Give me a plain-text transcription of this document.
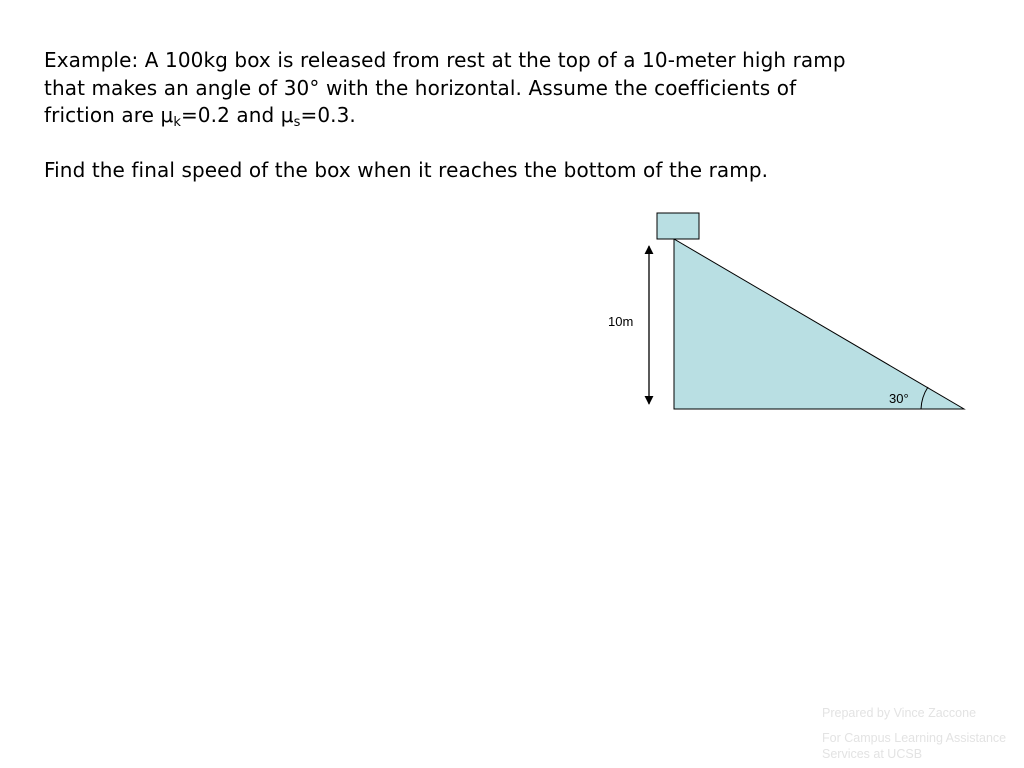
Example: A 100kg box is released from rest at the top of a 10-meter high ramp
that makes an angle of 30° with the horizontal. Assume the coefficients of
friction are $\mu_k=0.2$ and $\mu_s=0.3$.

Find the final speed of the box when it reaches the bottom of the ramp.

10m
30°
Prepared by Vince Zaccone
For Campus Learning Assistance Services at UCSB
